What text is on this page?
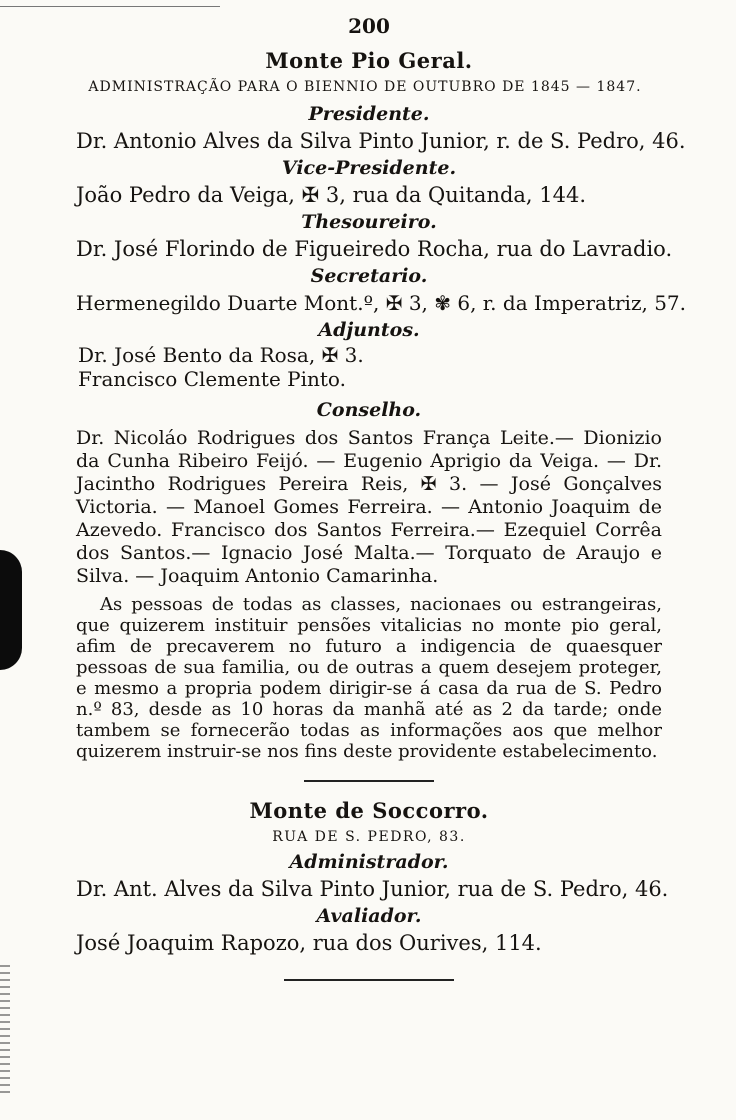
200
Monte Pio Geral.
ADMINISTRAÇÃO PARA O BIENNIO DE OUTUBRO DE 1845 — 1847.
Presidente.

Dr. Antonio Alves da Silva Pinto Junior, r. de S. Pedro, 46.

Vice-Presidente.

João Pedro da Veiga, ✠ 3, rua da Quitanda, 144.

Thesoureiro.

Dr. José Florindo de Figueiredo Rocha, rua do Lavradio.

Secretario.

Hermenegildo Duarte Mont.º, ✠ 3, ✾ 6, r. da Imperatriz, 57.

Adjuntos.

Dr. José Bento da Rosa, ✠ 3.

Francisco Clemente Pinto.

Conselho.

Dr. Nicoláo Rodrigues dos Santos França Leite.— Dionizio da Cunha Ribeiro Feijó. — Eugenio Aprigio da Veiga. — Dr. Jacintho Rodrigues Pereira Reis, ✠ 3. — José Gonçalves Victoria. — Manoel Gomes Ferreira. — Antonio Joaquim de Azevedo. Francisco dos Santos Ferreira.— Ezequiel Corrêa dos Santos.— Ignacio José Malta.— Torquato de Araujo e Silva. — Joaquim Antonio Camarinha.

As pessoas de todas as classes, nacionaes ou estrangeiras, que quizerem instituir pensões vitalicias no monte pio geral, afim de precaverem no futuro a indigencia de quaesquer pessoas de sua familia, ou de outras a quem desejem proteger, e mesmo a propria podem dirigir-se á casa da rua de S. Pedro n.º 83, desde as 10 horas da manhã até as 2 da tarde; onde tambem se fornecerão todas as informações aos que melhor quizerem instruir-se nos fins deste providente estabelecimento.

Monte de Soccorro.
RUA DE S. PEDRO, 83.
Administrador.

Dr. Ant. Alves da Silva Pinto Junior, rua de S. Pedro, 46.

Avaliador.

José Joaquim Rapozo, rua dos Ourives, 114.
